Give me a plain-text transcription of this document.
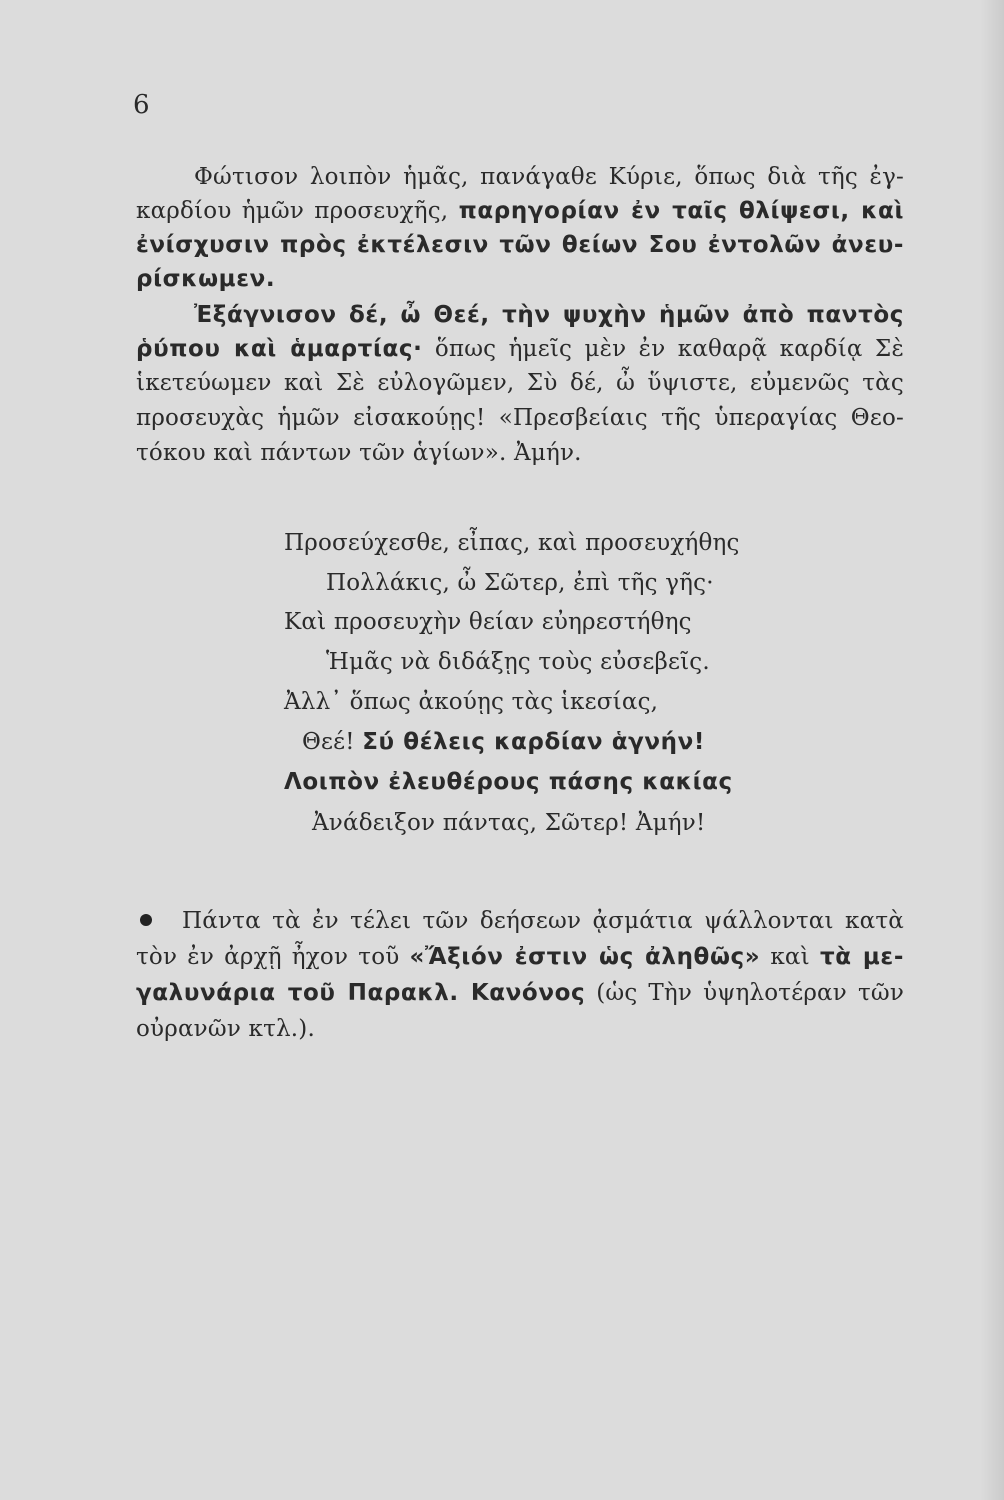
6
Φώτισον λοιπὸν ἡμᾶς, πανάγαθε Κύριε, ὅπως διὰ τῆς ἐγ-
καρδίου ἡμῶν προσευχῆς, παρηγορίαν ἐν ταῖς θλίψεσι, καὶ
ἐνίσχυσιν πρὸς ἐκτέλεσιν τῶν θείων Σου ἐντολῶν ἀνευ-
ρίσκωμεν.
Ἐξάγνισον δέ, ὦ Θεέ, τὴν ψυχὴν ἡμῶν ἀπὸ παντὸς
ῥύπου καὶ ἁμαρτίας· ὅπως ἡμεῖς μὲν ἐν καθαρᾷ καρδίᾳ Σὲ
ἱκετεύωμεν καὶ Σὲ εὐλογῶμεν, Σὺ δέ, ὦ ὕψιστε, εὐμενῶς τὰς
προσευχὰς ἡμῶν εἰσακούῃς! «Πρεσβείαις τῆς ὑπεραγίας Θεο-
τόκου καὶ πάντων τῶν ἁγίων». Ἀμήν.
Προσεύχεσθε, εἶπας, καὶ προσευχήθης
Πολλάκις, ὦ Σῶτερ, ἐπὶ τῆς γῆς·
Καὶ προσευχὴν θείαν εὐηρεστήθης
Ἡμᾶς νὰ διδάξῃς τοὺς εὐσεβεῖς.
Ἀλλ᾽ ὅπως ἀκούῃς τὰς ἱκεσίας,
Θεέ! Σύ θέλεις καρδίαν ἁγνήν!
Λοιπὸν ἐλευθέρους πάσης κακίας
Ἀνάδειξον πάντας, Σῶτερ! Ἀμήν!
Πάντα τὰ ἐν τέλει τῶν δεήσεων ᾀσμάτια ψάλλονται κατὰ
τὸν ἐν ἀρχῇ ἦχον τοῦ «Ἄξιόν ἐστιν ὡς ἀληθῶς» καὶ τὰ με-
γαλυνάρια τοῦ Παρακλ. Κανόνος (ὡς Τὴν ὑψηλοτέραν τῶν
οὐρανῶν κτλ.).
